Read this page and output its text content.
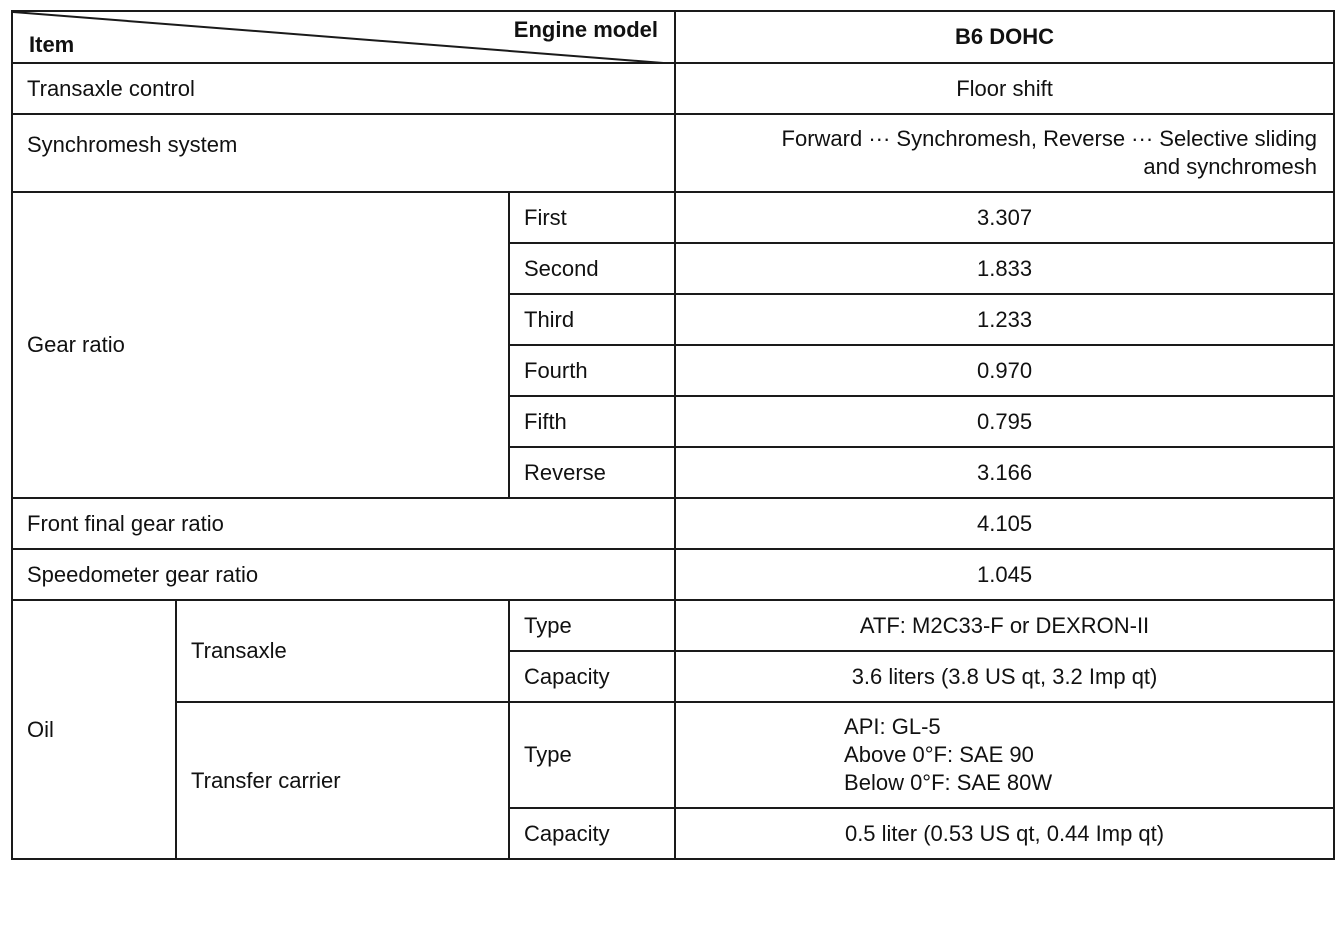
Item
Engine model			B6 DOHC
Transaxle control			Floor shift
Synchromesh system			Forward ··· Synchromesh, Reverse ··· Selective sliding
and synchromesh

Gear ratio		First	3.307
		Second	1.833
		Third	1.233
		Fourth	0.970
		Fifth	0.795
		Reverse	3.166
Front final gear ratio			4.105
Speedometer gear ratio			1.045
Oil	Transaxle	Type	ATF: M2C33-F or DEXRON-II
		Capacity	3.6 liters (3.8 US qt, 3.2 Imp qt)
	Transfer carrier	Type	API: GL-5
Above 0°F: SAE 90
Below 0°F: SAE 80W

		Capacity	0.5 liter (0.53 US qt, 0.44 Imp qt)
